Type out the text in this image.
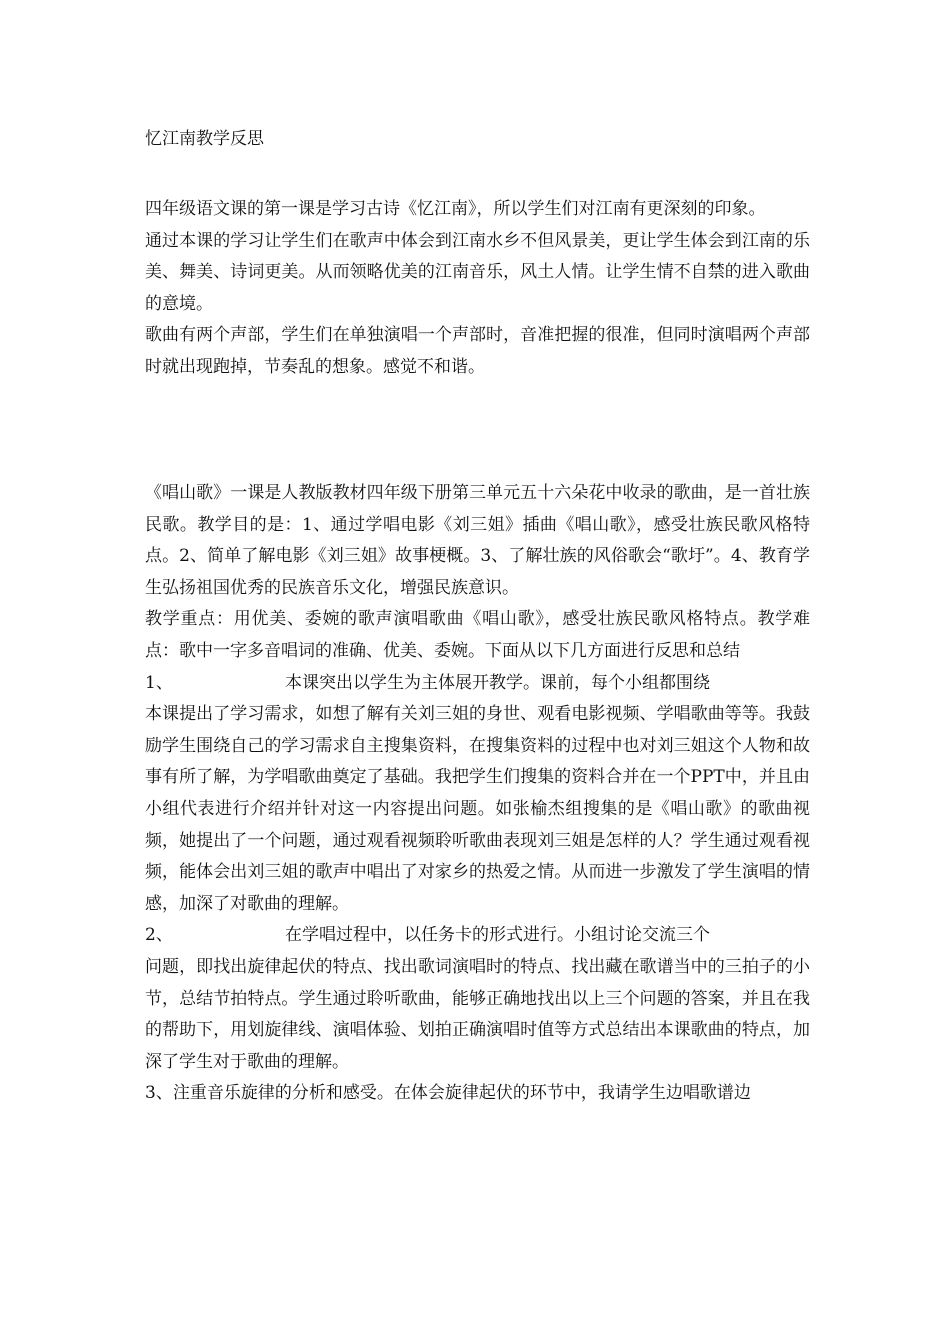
忆江南教学反思

四年级语文课的第一课是学习古诗《忆江南》，所以学生们对江南有更深刻的印象。

通过本课的学习让学生们在歌声中体会到江南水乡不但风景美，更让学生体会到江南的乐美、舞美、诗词更美。从而领略优美的江南音乐，风土人情。让学生情不自禁的进入歌曲的意境。

歌曲有两个声部，学生们在单独演唱一个声部时，音准把握的很准，但同时演唱两个声部时就出现跑掉，节奏乱的想象。感觉不和谐。

《唱山歌》一课是人教版教材四年级下册第三单元五十六朵花中收录的歌曲，是一首壮族民歌。教学目的是：1、通过学唱电影《刘三姐》插曲《唱山歌》，感受壮族民歌风格特点。2、简单了解电影《刘三姐》故事梗概。3、了解壮族的风俗歌会“歌圩”。4、教育学生弘扬祖国优秀的民族音乐文化，增强民族意识。

教学重点：用优美、委婉的歌声演唱歌曲《唱山歌》，感受壮族民歌风格特点。教学难点：歌中一字多音唱词的准确、优美、委婉。下面从以下几方面进行反思和总结

1、	本课突出以学生为主体展开教学。课前，每个小组都围绕

本课提出了学习需求，如想了解有关刘三姐的身世、观看电影视频、学唱歌曲等等。我鼓励学生围绕自己的学习需求自主搜集资料，在搜集资料的过程中也对刘三姐这个人物和故事有所了解，为学唱歌曲奠定了基础。我把学生们搜集的资料合并在一个PPT中，并且由小组代表进行介绍并针对这一内容提出问题。如张榆杰组搜集的是《唱山歌》的歌曲视频，她提出了一个问题，通过观看视频聆听歌曲表现刘三姐是怎样的人？学生通过观看视频，能体会出刘三姐的歌声中唱出了对家乡的热爱之情。从而进一步激发了学生演唱的情感，加深了对歌曲的理解。

2、	在学唱过程中，以任务卡的形式进行。小组讨论交流三个

问题，即找出旋律起伏的特点、找出歌词演唱时的特点、找出藏在歌谱当中的三拍子的小节，总结节拍特点。学生通过聆听歌曲，能够正确地找出以上三个问题的答案，并且在我的帮助下，用划旋律线、演唱体验、划拍正确演唱时值等方式总结出本课歌曲的特点，加深了学生对于歌曲的理解。

3、注重音乐旋律的分析和感受。在体会旋律起伏的环节中，我请学生边唱歌谱边
